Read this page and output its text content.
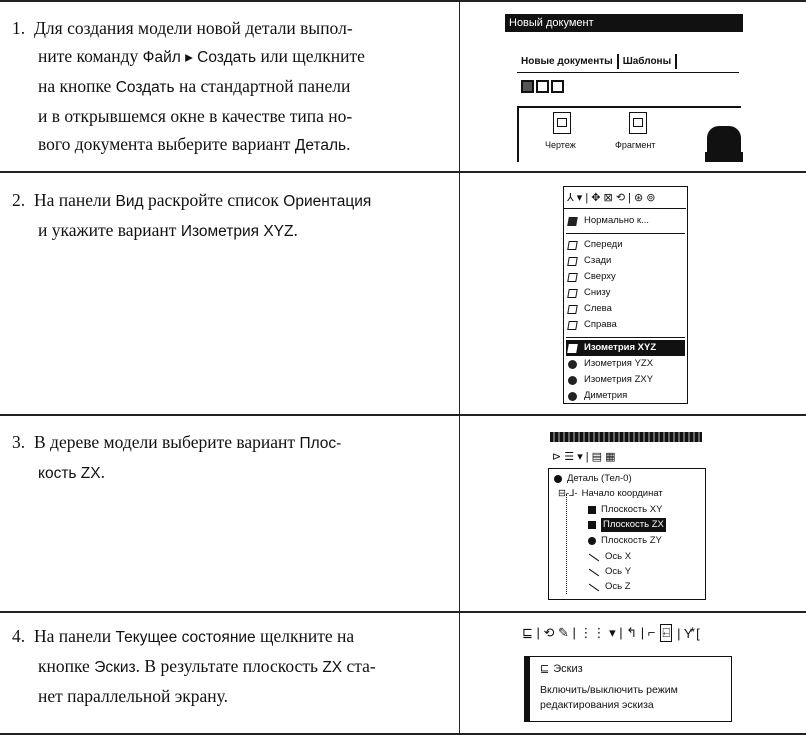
1. Для создания модели новой детали выпол-

ните команду Файл ▸ Создать или щелкните
на кнопке Создать на стандартной панели
и в открывшемся окне в качестве типа но-
вого документа выберите вариант Деталь.
2. На панели Вид раскройте список Ориентация
и укажите вариант Изометрия XYZ.
3. В дереве модели выберите вариант Плос-
кость ZX.
4. На панели Текущее состояние щелкните на
кнопке Эскиз. В результате плоскость ZX ста-
нет параллельной экрану.
Новый документ
Новые документы	Шаблоны
Чертеж	Фрагмент
⅄ ▾ | ✥ ⊠ ⟲ | ⊛ ⊚
Нормально к...
Спереди
Сзади
Сверху
Снизу
Слева
Справа
Изометрия XYZ
Изометрия YZX
Изометрия ZXY
Диметрия
⊳ ☰ ▾ | ▤ ▦
Деталь (Тел-0)
⊟-⅃- Начало координат
Плоскость XY
Плоскость ZX
Плоскость ZY
Ось X
Ось Y
Ось Z
⊑ | ⟲ ✎ | ⋮⋮ ▾ | ↰ | ⌐ ⍇ | Y⃰ [
⊑ Эскиз
Включить/выключить режим
редактирования эскиза
